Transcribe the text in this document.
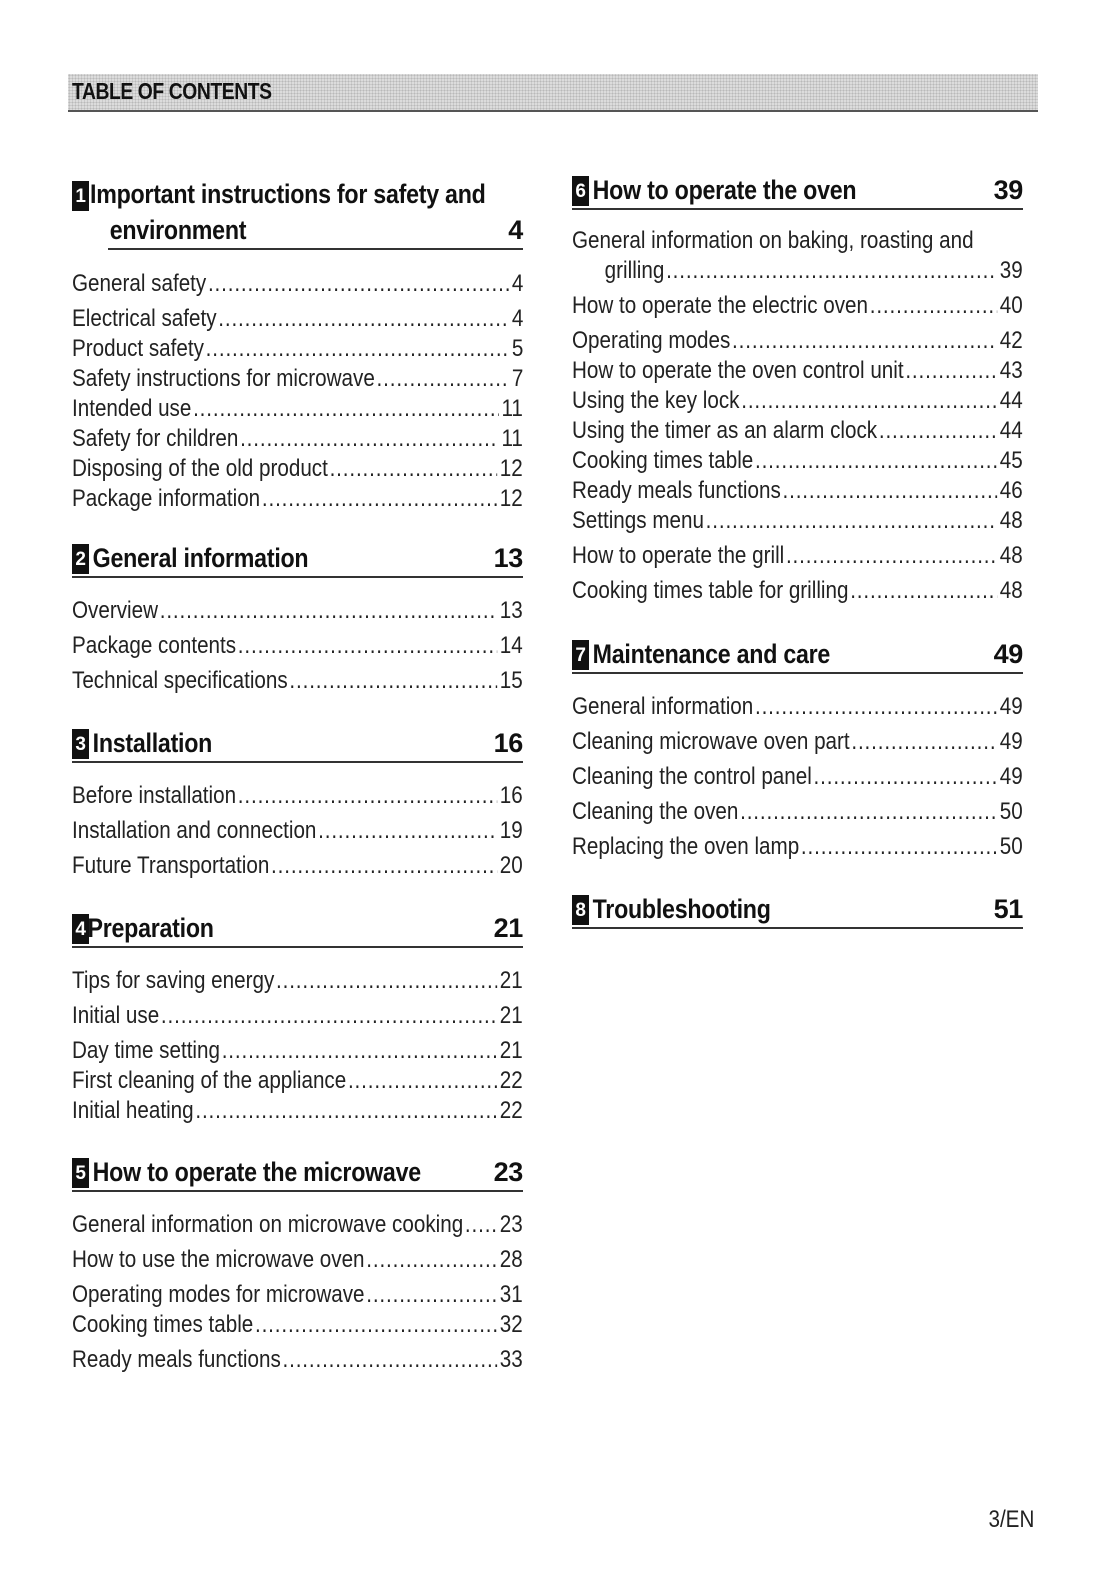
TABLE OF CONTENTS
1 Important instructions for safety and
environment	4
General safety .....	4
Electrical safety .....	4
Product safety .....	5
Safety instructions for microwave .....	7
Intended use .....	11
Safety for children .....	11
Disposing of the old product .....	12
Package information .....	12
2 General information	13
Overview .....	13
Package contents .....	14
Technical specifications .....	15
3 Installation	16
Before installation .....	16
Installation and connection .....	19
Future Transportation .....	20
4 Preparation	21
Tips for saving energy .....	21
Initial use .....	21
Day time setting .....	21
First cleaning of the appliance .....	22
Initial heating .....	22
5 How to operate the microwave	23
General information on microwave cooking .....	23
How to use the microwave oven .....	28
Operating modes for microwave .....	31
Cooking times table .....	32
Ready meals functions .....	33
6 How to operate the oven	39
General information on baking, roasting and
grilling .....	39
How to operate the electric oven .....	40
Operating modes .....	42
How to operate the oven control unit .....	43
Using the key lock .....	44
Using the timer as an alarm clock .....	44
Cooking times table .....	45
Ready meals functions .....	46
Settings menu .....	48
How to operate the grill .....	48
Cooking times table for grilling .....	48
7 Maintenance and care	49
General information .....	49
Cleaning microwave oven part .....	49
Cleaning the control panel .....	49
Cleaning the oven .....	50
Replacing the oven lamp .....	50
8 Troubleshooting	51
3/EN
